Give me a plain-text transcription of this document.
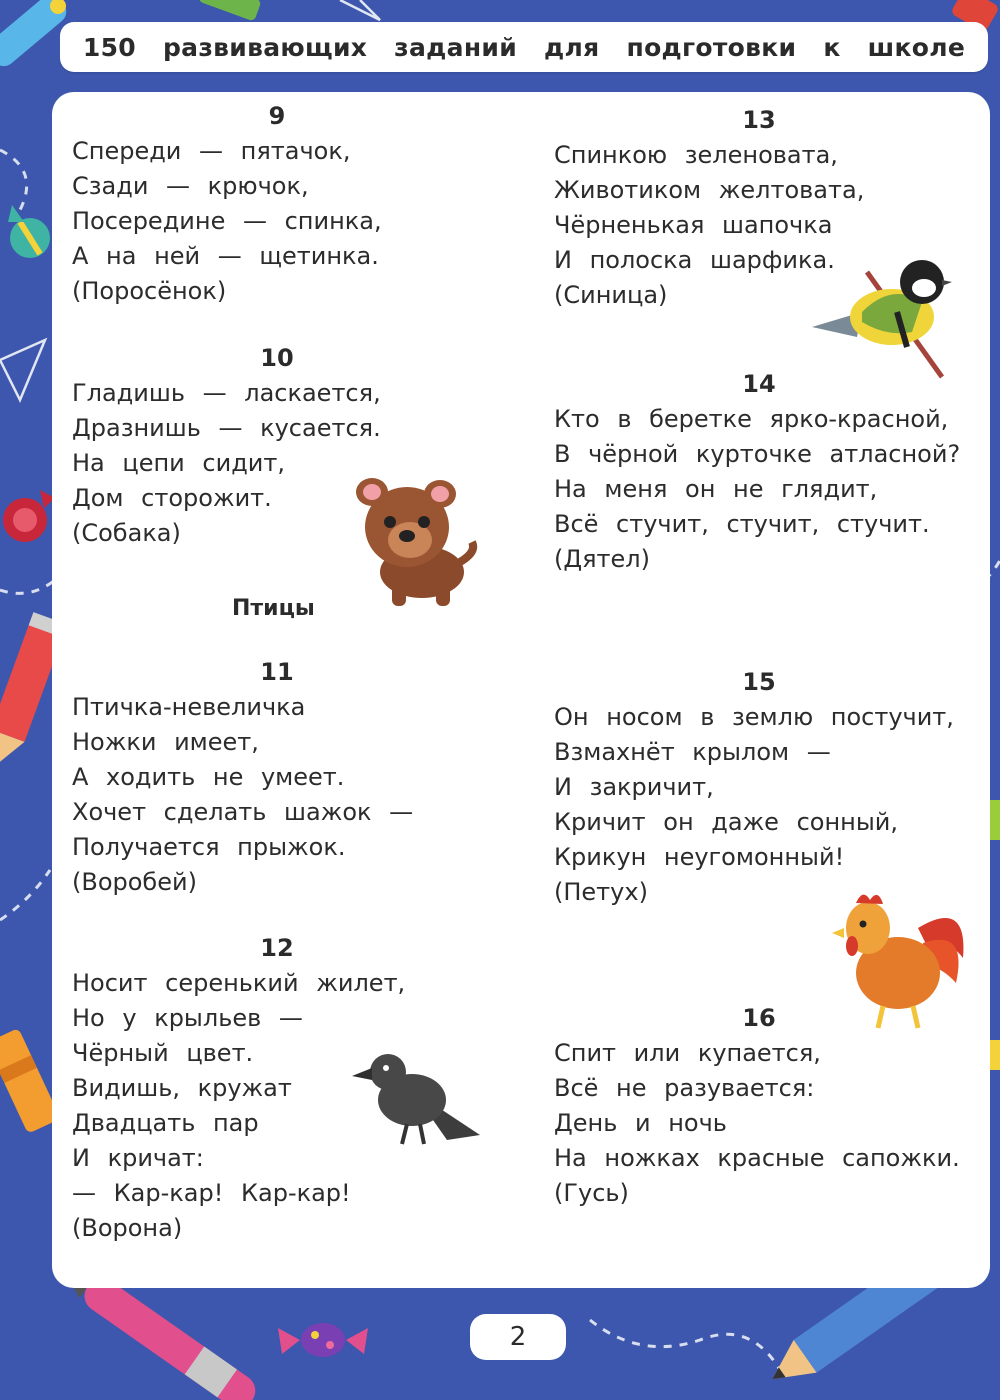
150 развивающих заданий для подготовки к школе
9
Спереди — пятачок,
Сзади — крючок,
Посередине — спинка,
А на ней — щетинка.
(Поросёнок)
10
Гладишь — ласкается,
Дразнишь — кусается.
На цепи сидит,
Дом сторожит.
(Собака)
Птицы
11
Птичка-невеличка
Ножки имеет,
А ходить не умеет.
Хочет сделать шажок —
Получается прыжок.
(Воробей)
12
Носит серенький жилет,
Но у крыльев —
Чёрный цвет.
Видишь, кружат
Двадцать пар
И кричат:
— Кар-кар! Кар-кар!
(Ворона)
13
Спинкою зеленовата,
Животиком желтовата,
Чёрненькая шапочка
И полоска шарфика.
(Синица)
14
Кто в беретке ярко-красной,
В чёрной курточке атласной?
На меня он не глядит,
Всё стучит, стучит, стучит.
(Дятел)
15
Он носом в землю постучит,
Взмахнёт крылом —
И закричит,
Кричит он даже сонный,
Крикун неугомонный!
(Петух)
16
Спит или купается,
Всё не разувается:
День и ночь
На ножках красные сапожки.
(Гусь)
2
